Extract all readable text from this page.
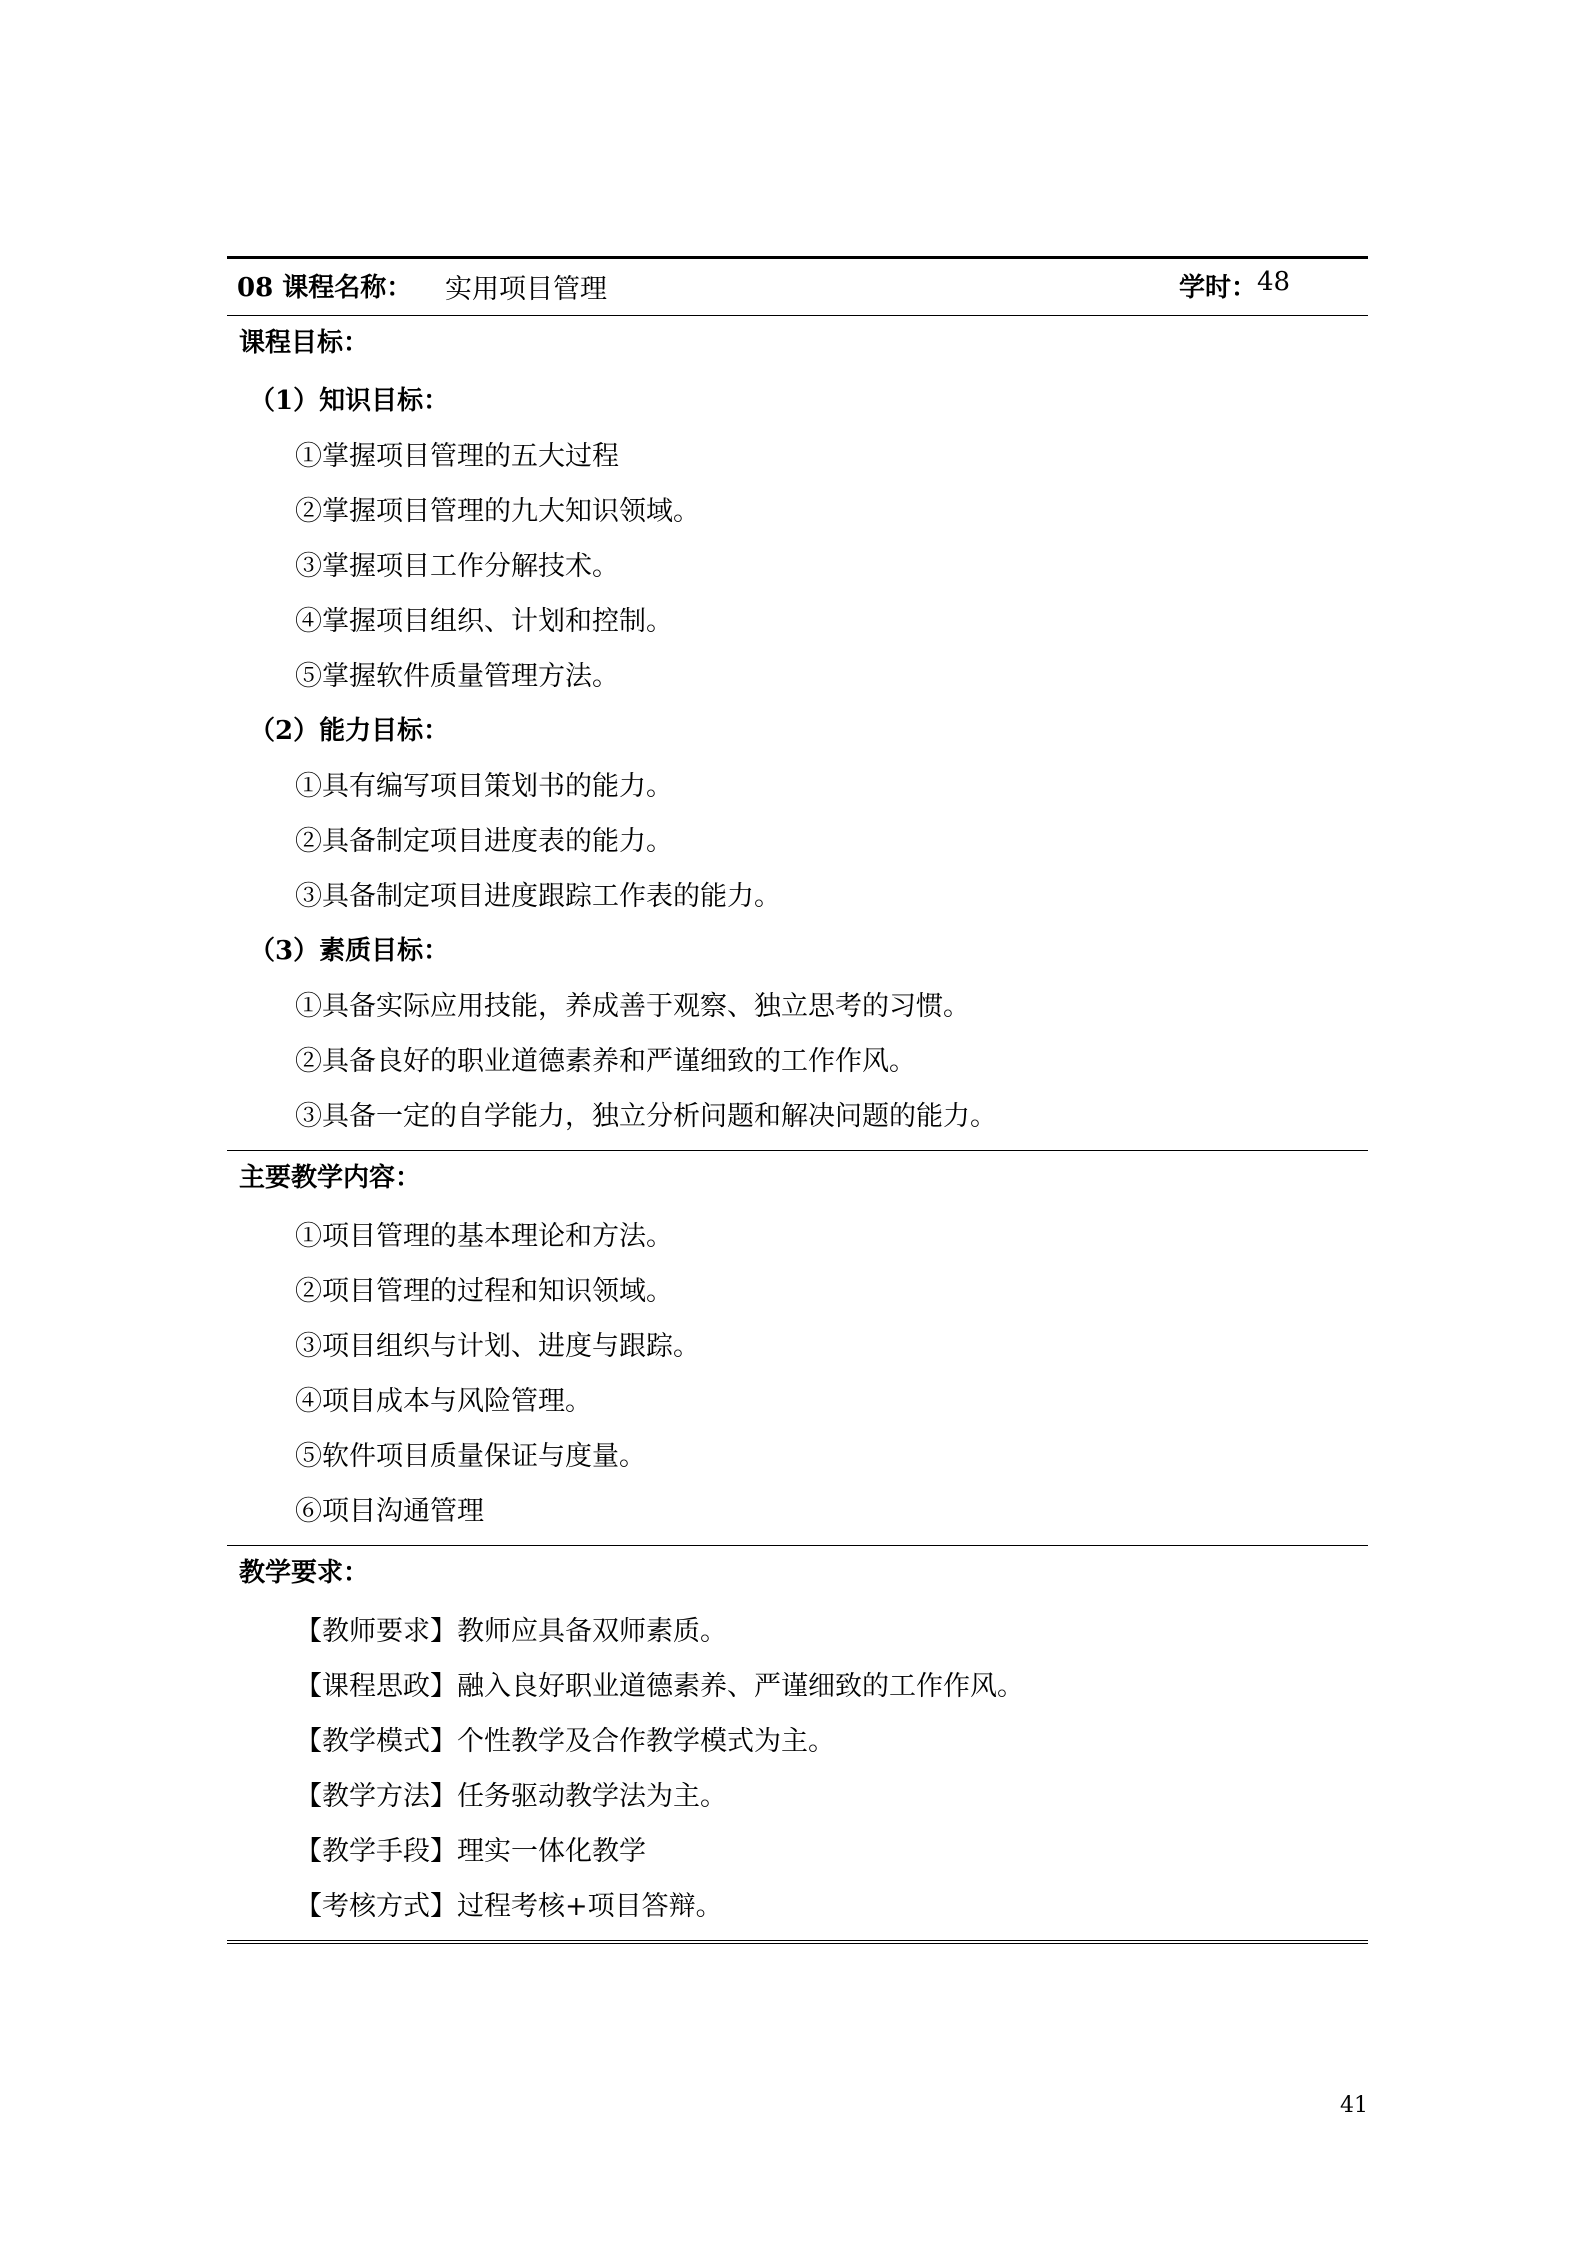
08 课程名称： 实用项目管理	学时： 48
课程目标：
（1）知识目标：
①掌握项目管理的五大过程
②掌握项目管理的九大知识领域。
③掌握项目工作分解技术。
④掌握项目组织、计划和控制。
⑤掌握软件质量管理方法。
（2）能力目标：
①具有编写项目策划书的能力。
②具备制定项目进度表的能力。
③具备制定项目进度跟踪工作表的能力。
（3）素质目标：
①具备实际应用技能，养成善于观察、独立思考的习惯。
②具备良好的职业道德素养和严谨细致的工作作风。
③具备一定的自学能力，独立分析问题和解决问题的能力。
主要教学内容：
①项目管理的基本理论和方法。
②项目管理的过程和知识领域。
③项目组织与计划、进度与跟踪。
④项目成本与风险管理。
⑤软件项目质量保证与度量。
⑥项目沟通管理
教学要求：
【教师要求】教师应具备双师素质。
【课程思政】融入良好职业道德素养、严谨细致的工作作风。
【教学模式】个性教学及合作教学模式为主。
【教学方法】任务驱动教学法为主。
【教学手段】理实一体化教学
【考核方式】过程考核+项目答辩。
41
